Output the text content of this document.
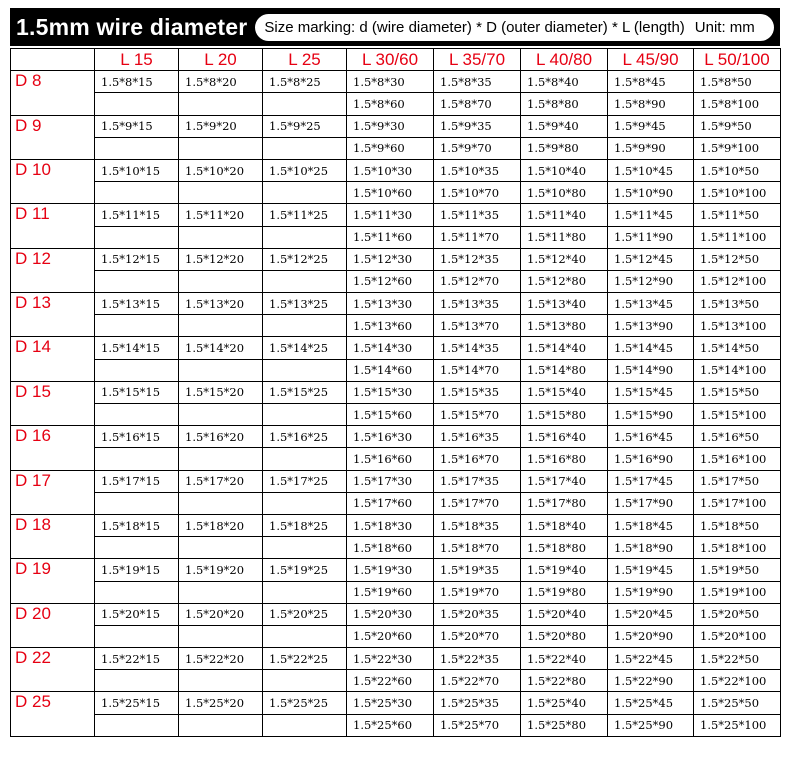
1.5mm wire diameter Size marking: d (wire diameter) * D (outer diameter) * L (length) Unit: mm
	L 15	L 20	L 25	L 30/60	L 35/70	L 40/80	L 45/90	L 50/100
D 8	1.5*8*15	1.5*8*20	1.5*8*25	1.5*8*30	1.5*8*35	1.5*8*40	1.5*8*45	1.5*8*50
				1.5*8*60	1.5*8*70	1.5*8*80	1.5*8*90	1.5*8*100
D 9	1.5*9*15	1.5*9*20	1.5*9*25	1.5*9*30	1.5*9*35	1.5*9*40	1.5*9*45	1.5*9*50
				1.5*9*60	1.5*9*70	1.5*9*80	1.5*9*90	1.5*9*100
D 10	1.5*10*15	1.5*10*20	1.5*10*25	1.5*10*30	1.5*10*35	1.5*10*40	1.5*10*45	1.5*10*50
				1.5*10*60	1.5*10*70	1.5*10*80	1.5*10*90	1.5*10*100
D 11	1.5*11*15	1.5*11*20	1.5*11*25	1.5*11*30	1.5*11*35	1.5*11*40	1.5*11*45	1.5*11*50
				1.5*11*60	1.5*11*70	1.5*11*80	1.5*11*90	1.5*11*100
D 12	1.5*12*15	1.5*12*20	1.5*12*25	1.5*12*30	1.5*12*35	1.5*12*40	1.5*12*45	1.5*12*50
				1.5*12*60	1.5*12*70	1.5*12*80	1.5*12*90	1.5*12*100
D 13	1.5*13*15	1.5*13*20	1.5*13*25	1.5*13*30	1.5*13*35	1.5*13*40	1.5*13*45	1.5*13*50
				1.5*13*60	1.5*13*70	1.5*13*80	1.5*13*90	1.5*13*100
D 14	1.5*14*15	1.5*14*20	1.5*14*25	1.5*14*30	1.5*14*35	1.5*14*40	1.5*14*45	1.5*14*50
				1.5*14*60	1.5*14*70	1.5*14*80	1.5*14*90	1.5*14*100
D 15	1.5*15*15	1.5*15*20	1.5*15*25	1.5*15*30	1.5*15*35	1.5*15*40	1.5*15*45	1.5*15*50
				1.5*15*60	1.5*15*70	1.5*15*80	1.5*15*90	1.5*15*100
D 16	1.5*16*15	1.5*16*20	1.5*16*25	1.5*16*30	1.5*16*35	1.5*16*40	1.5*16*45	1.5*16*50
				1.5*16*60	1.5*16*70	1.5*16*80	1.5*16*90	1.5*16*100
D 17	1.5*17*15	1.5*17*20	1.5*17*25	1.5*17*30	1.5*17*35	1.5*17*40	1.5*17*45	1.5*17*50
				1.5*17*60	1.5*17*70	1.5*17*80	1.5*17*90	1.5*17*100
D 18	1.5*18*15	1.5*18*20	1.5*18*25	1.5*18*30	1.5*18*35	1.5*18*40	1.5*18*45	1.5*18*50
				1.5*18*60	1.5*18*70	1.5*18*80	1.5*18*90	1.5*18*100
D 19	1.5*19*15	1.5*19*20	1.5*19*25	1.5*19*30	1.5*19*35	1.5*19*40	1.5*19*45	1.5*19*50
				1.5*19*60	1.5*19*70	1.5*19*80	1.5*19*90	1.5*19*100
D 20	1.5*20*15	1.5*20*20	1.5*20*25	1.5*20*30	1.5*20*35	1.5*20*40	1.5*20*45	1.5*20*50
				1.5*20*60	1.5*20*70	1.5*20*80	1.5*20*90	1.5*20*100
D 22	1.5*22*15	1.5*22*20	1.5*22*25	1.5*22*30	1.5*22*35	1.5*22*40	1.5*22*45	1.5*22*50
				1.5*22*60	1.5*22*70	1.5*22*80	1.5*22*90	1.5*22*100
D 25	1.5*25*15	1.5*25*20	1.5*25*25	1.5*25*30	1.5*25*35	1.5*25*40	1.5*25*45	1.5*25*50
				1.5*25*60	1.5*25*70	1.5*25*80	1.5*25*90	1.5*25*100
